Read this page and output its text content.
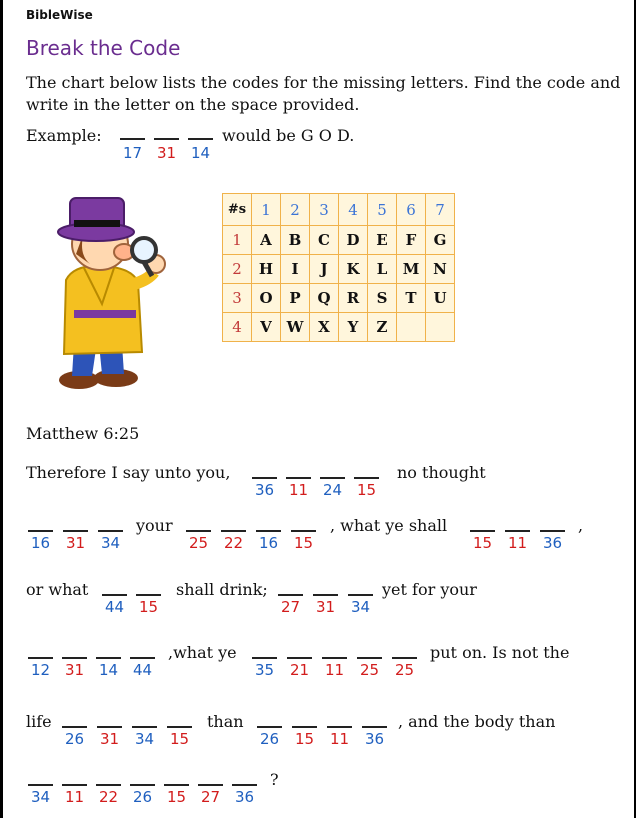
BibleWise
Break the Code
The chart below lists the codes for the missing letters. Find the code and write in the letter on the space provided.
Example:
17 31 14
would be G O D.
#s	1	2	3	4	5	6	7
1	A	B	C	D	E	F	G
2	H	I	J	K	L	M	N
3	O	P	Q	R	S	T	U
4	V	W	X	Y	Z		
Matthew 6:25
Therefore I say unto you,	no thought
your	, what ye shall	,
or what	shall drink;	yet for your
,what ye	put on. Is not the
life	than	, and the body than
?
36 11 24 15
16 31 34	25 22 16 15	15 11 36
44 15	27 31 34
12 31 14 44	35 21 11 25 25
26 31 34 15	26 15 11 36
34 11 22 26 15 27 36
